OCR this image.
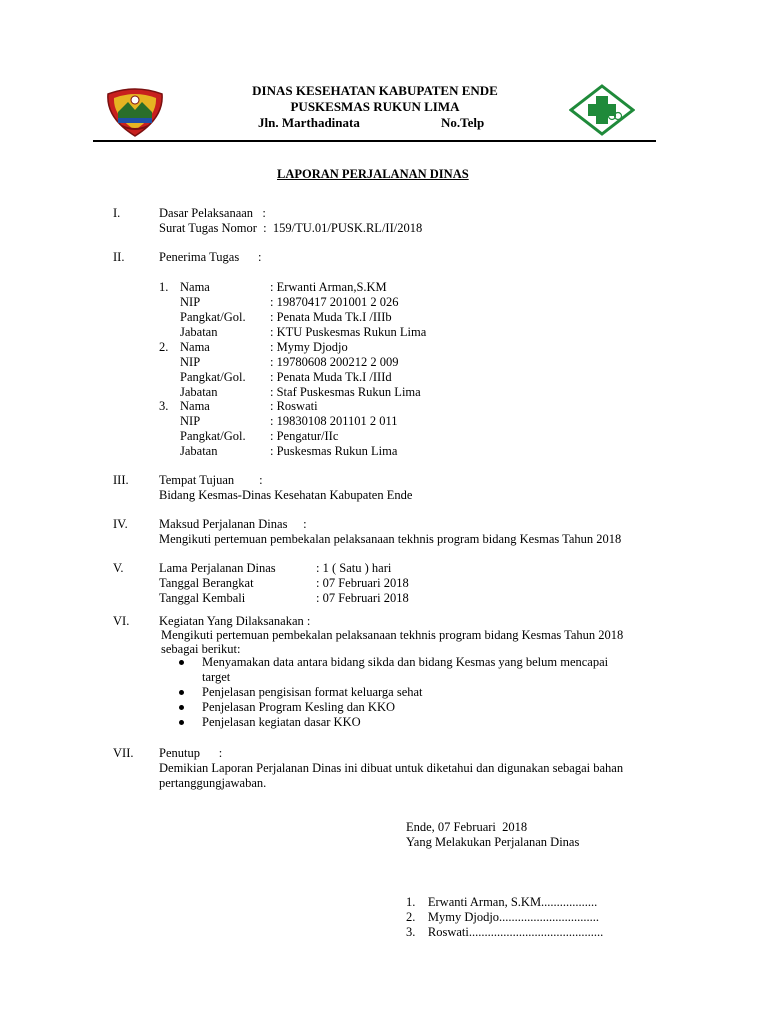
DINAS KESEHATAN KABUPATEN ENDE
PUSKESMAS RUKUN LIMA
Jln. Marthadinata	No.Telp
LAPORAN PERJALANAN DINAS
I.	Dasar Pelaksanaan   :
Surat Tugas Nomor  :  159/TU.01/PUSK.RL/II/2018
II.	Penerima Tugas      :
1. Nama	: Erwanti Arman,S.KM
NIP	: 19870417 201001 2 026
Pangkat/Gol. : Penata Muda Tk.I /IIIb
Jabatan	: KTU Puskesmas Rukun Lima
2. Nama	: Mymy Djodjo
NIP	: 19780608 200212 2 009
Pangkat/Gol. : Penata Muda Tk.I /IIId
Jabatan	: Staf Puskesmas Rukun Lima
3. Nama	: Roswati
NIP	: 19830108 201101 2 011
Pangkat/Gol. : Pengatur/IIc
Jabatan	: Puskesmas Rukun Lima
III. Tempat Tujuan        :
Bidang Kesmas-Dinas Kesehatan Kabupaten Ende
IV.	Maksud Perjalanan Dinas     :
Mengikuti pertemuan pembekalan pelaksanaan tekhnis program bidang Kesmas Tahun 2018
V.	Lama Perjalanan Dinas	: 1 ( Satu ) hari
Tanggal Berangkat	: 07 Februari 2018
Tanggal Kembali	: 07 Februari 2018
VI. Kegiatan Yang Dilaksanakan :
Mengikuti pertemuan pembekalan pelaksanaan tekhnis program bidang Kesmas Tahun 2018
sebagai berikut:
Menyamakan data antara bidang sikda dan bidang Kesmas yang belum mencapai
target
Penjelasan pengisisan format keluarga sehat
Penjelasan Program Kesling dan KKO
Penjelasan kegiatan dasar KKO
VII. Penutup      :
Demikian Laporan Perjalanan Dinas ini dibuat untuk diketahui dan digunakan sebagai bahan
pertanggungjawaban.
Ende, 07 Februari  2018
Yang Melakukan Perjalanan Dinas
1.    Erwanti Arman, S.KM..................
2.    Mymy Djodjo................................
3.    Roswati...........................................
